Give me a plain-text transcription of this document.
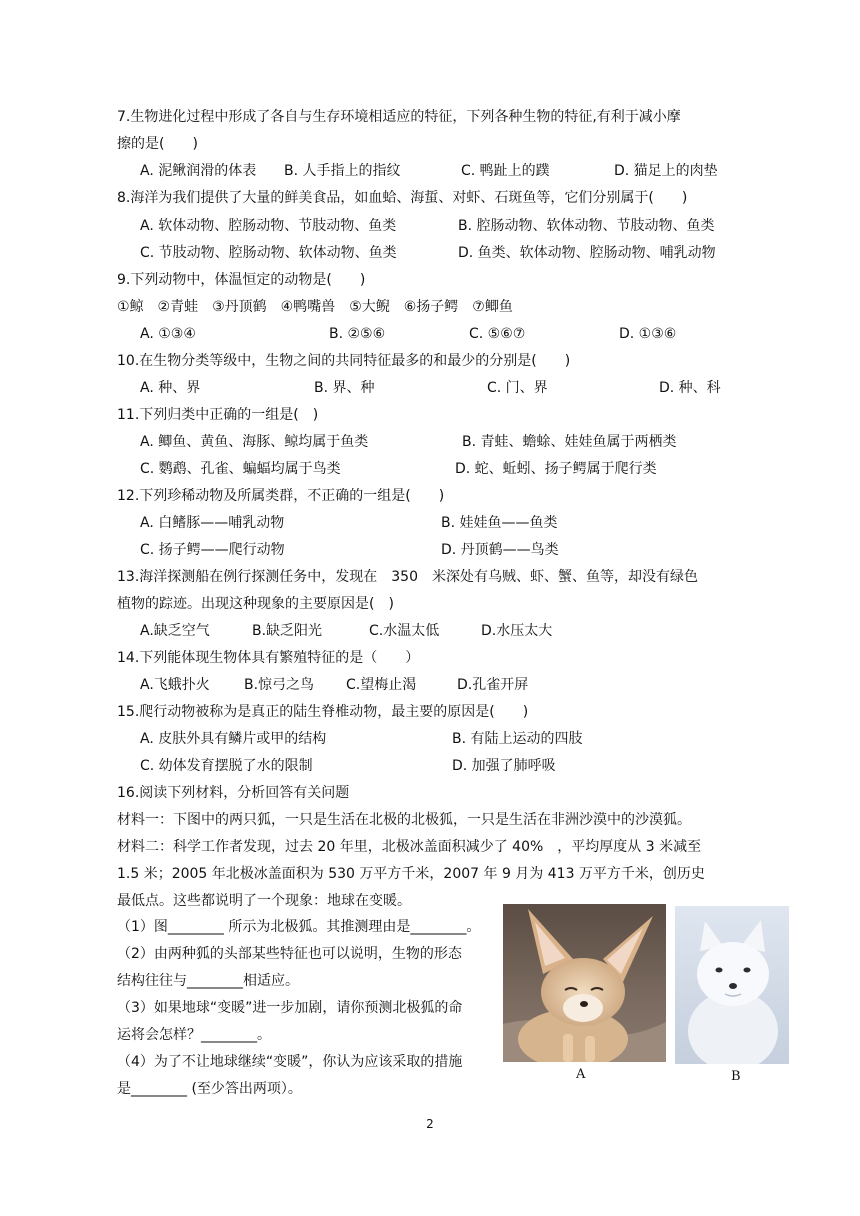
7.生物进化过程中形成了各自与生存环境相适应的特征，下列各种生物的特征,有利于减小摩
擦的是(　　)
A. 泥鳅润滑的体表 B. 人手指上的指纹	C. 鸭趾上的蹼	D. 猫足上的肉垫
8.海洋为我们提供了大量的鲜美食品，如血蛤、海蜇、对虾、石斑鱼等，它们分别属于(　　)
A. 软体动物、腔肠动物、节肢动物、鱼类	B. 腔肠动物、软体动物、节肢动物、鱼类
C. 节肢动物、腔肠动物、软体动物、鱼类	D. 鱼类、软体动物、腔肠动物、哺乳动物
9.下列动物中，体温恒定的动物是(　　)
①鲸　②青蛙　③丹顶鹤　④鸭嘴兽　⑤大鲵　⑥扬子鳄　⑦鲫鱼
A. ①③④	B. ②⑤⑥	C. ⑤⑥⑦	D. ①③⑥
10.在生物分类等级中，生物之间的共同特征最多的和最少的分别是(　　)
A. 种、界	B. 界、种	C. 门、界	D. 种、科
11.下列归类中正确的一组是(　)
A. 鲫鱼、黄鱼、海豚、鲸均属于鱼类	B. 青蛙、蟾蜍、娃娃鱼属于两栖类
C. 鹦鹉、孔雀、蝙蝠均属于鸟类	D. 蛇、蚯蚓、扬子鳄属于爬行类
12.下列珍稀动物及所属类群，不正确的一组是(　　)
A. 白鳍豚——哺乳动物	B. 娃娃鱼——鱼类
C. 扬子鳄——爬行动物	D. 丹顶鹤——鸟类
13.海洋探测船在例行探测任务中，发现在　350　米深处有乌贼、虾、蟹、鱼等，却没有绿色
植物的踪迹。出现这种现象的主要原因是(　)
A.缺乏空气	B.缺乏阳光	C.水温太低	D.水压太大
14.下列能体现生物体具有繁殖特征的是（　　）
A.飞蛾扑火 B.惊弓之鸟 C.望梅止渴	D.孔雀开屏
15.爬行动物被称为是真正的陆生脊椎动物，最主要的原因是(　　)
A. 皮肤外具有鳞片或甲的结构	B. 有陆上运动的四肢
C. 幼体发育摆脱了水的限制	D. 加强了肺呼吸
16.阅读下列材料，分析回答有关问题
材料一：下图中的两只狐，一只是生活在北极的北极狐，一只是生活在非洲沙漠中的沙漠狐。
材料二：科学工作者发现，过去 20 年里，北极冰盖面积减少了 40%　，平均厚度从 3 米减至
1.5 米；2005 年北极冰盖面积为 530 万平方千米，2007 年 9 月为 413 万平方千米，创历史
最低点。这些都说明了一个现象：地球在变暖。
（1）图________ 所示为北极狐。其推测理由是________。
（2）由两种狐的头部某些特征也可以说明，生物的形态
结构往往与________相适应。
（3）如果地球“变暖”进一步加剧，请你预测北极狐的命
运将会怎样？________。
（4）为了不让地球继续“变暖”，你认为应该采取的措施
是________ (至少答出两项）。
A	B
2
